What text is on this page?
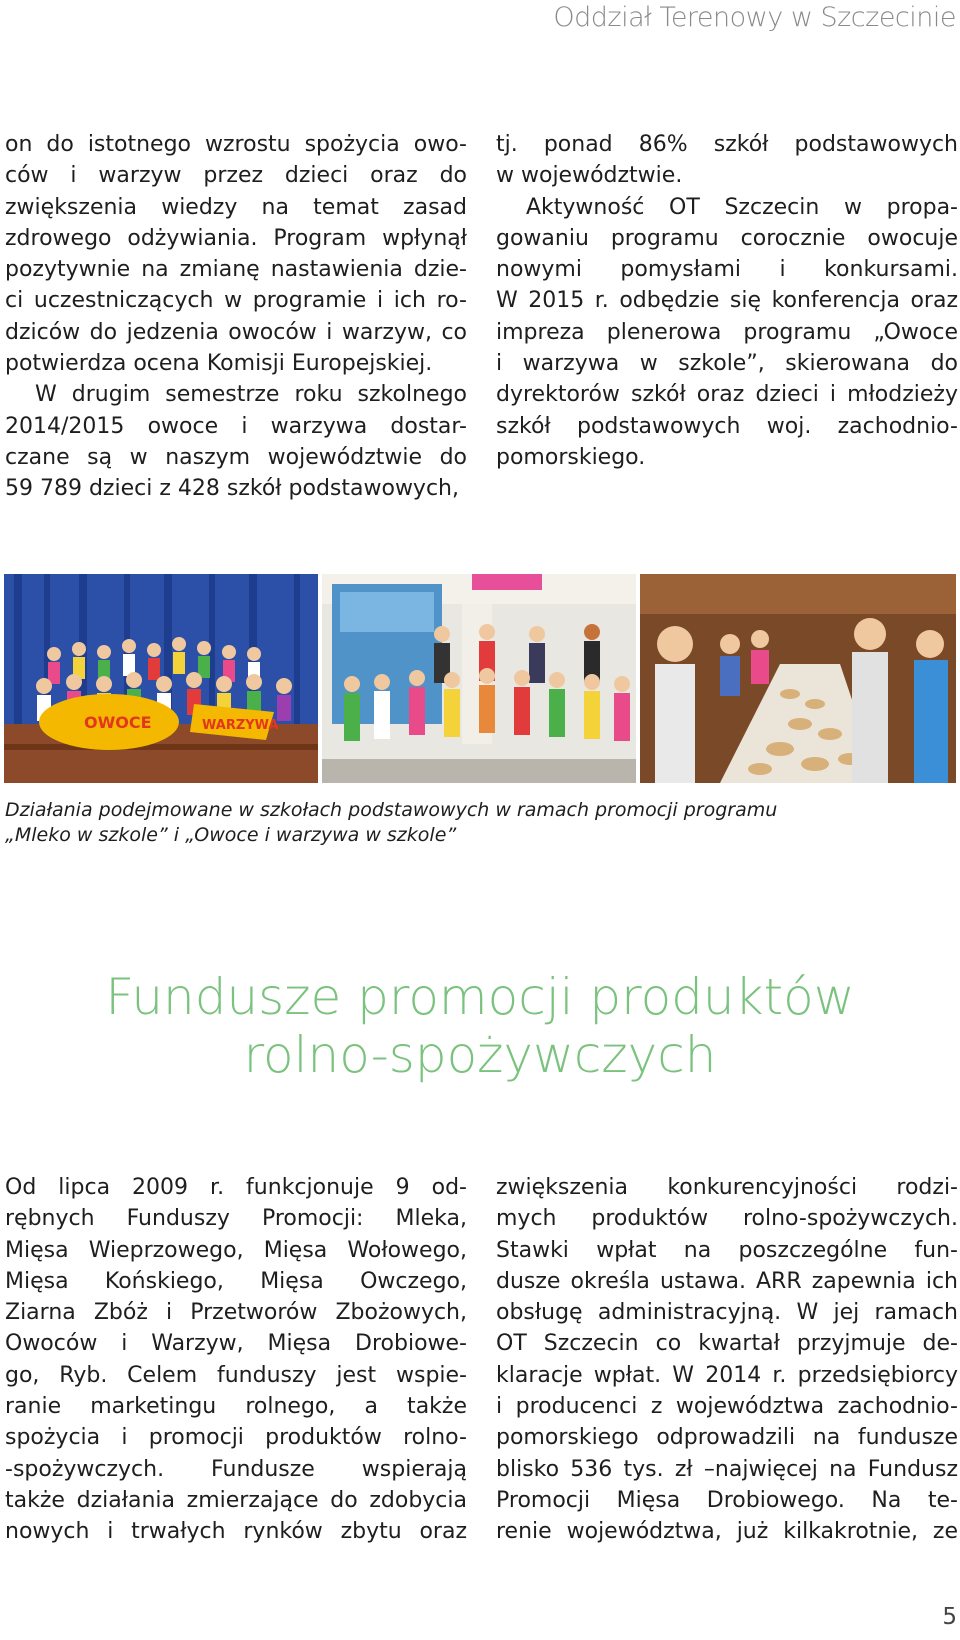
Oddział Terenowy w Szczecinie

on do istotnego wzrostu spożycia owo-
ców i warzyw przez dzieci oraz do
zwiększenia wiedzy na temat zasad
zdrowego odżywiania. Program wpłynął
pozytywnie na zmianę nastawienia dzie-
ci uczestniczących w programie i ich ro-
dziców do jedzenia owoców i warzyw, co
potwierdza ocena Komisji Europejskiej.

W drugim semestrze roku szkolnego
2014/2015 owoce i warzywa dostar-
czane są w naszym województwie do
59 789 dzieci z 428 szkół podstawowych,

tj. ponad 86% szkół podstawowych
w województwie.

Aktywność OT Szczecin w propa-
gowaniu programu corocznie owocuje
nowymi pomysłami i konkursami.
W 2015 r. odbędzie się konferencja oraz
impreza plenerowa programu „Owoce
i warzywa w szkole”, skierowana do
dyrektorów szkół oraz dzieci i młodzieży
szkół podstawowych woj. zachodnio-
pomorskiego.

OWOCE	WARZYWA
Działania podejmowane w szkołach podstawowych w ramach promocji programu
„Mleko w szkole” i „Owoce i warzywa w szkole”
Fundusze promocji produktów
rolno-spożywczych
Od lipca 2009 r. funkcjonuje 9 od-
rębnych Funduszy Promocji: Mleka,
Mięsa Wieprzowego, Mięsa Wołowego,
Mięsa Końskiego, Mięsa Owczego,
Ziarna Zbóż i Przetworów Zbożowych,
Owoców i Warzyw, Mięsa Drobiowe-
go, Ryb. Celem funduszy jest wspie-
ranie marketingu rolnego, a także
spożycia i promocji produktów rolno-
-spożywczych. Fundusze wspierają
także działania zmierzające do zdobycia
nowych i trwałych rynków zbytu oraz
zwiększenia konkurencyjności rodzi-
mych produktów rolno-spożywczych.
Stawki wpłat na poszczególne fun-
dusze określa ustawa. ARR zapewnia ich
obsługę administracyjną. W jej ramach
OT Szczecin co kwartał przyjmuje de-
klaracje wpłat. W 2014 r. przedsiębiorcy
i producenci z województwa zachodnio-
pomorskiego odprowadzili na fundusze
blisko 536 tys. zł –najwięcej na Fundusz
Promocji Mięsa Drobiowego. Na te-
renie województwa, już kilkakrotnie, ze
5
